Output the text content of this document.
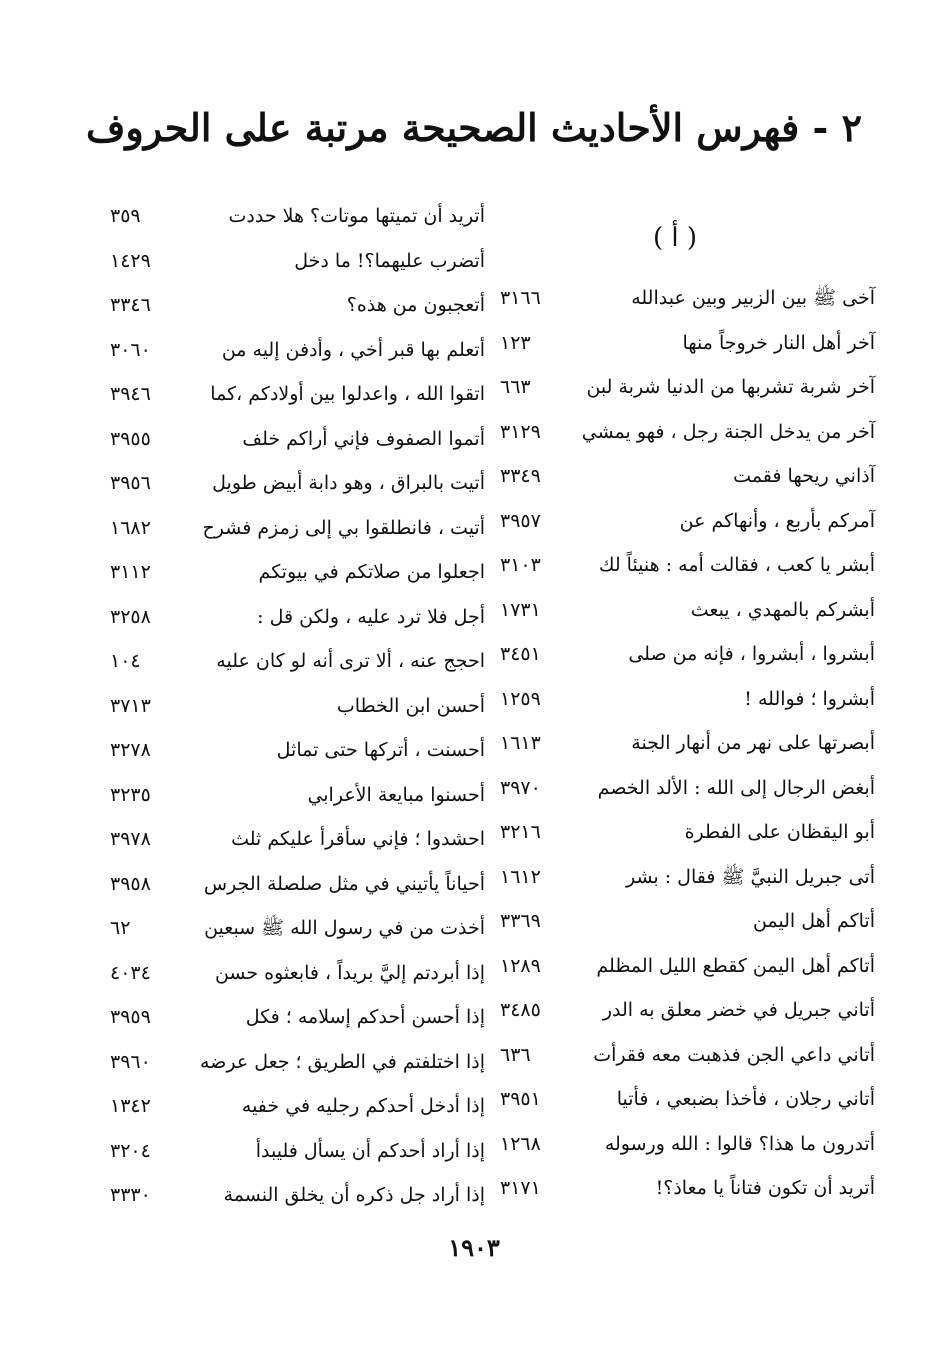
٢ - فهرس الأحاديث الصحيحة مرتبة على الحروف
( أ )
آخى ﷺ بين الزبير وبين عبدالله
٣١٦٦
آخر أهل النار خروجاً منها
١٢٣
آخر شربة تشربها من الدنيا شربة لبن
٦٦٣
آخر من يدخل الجنة رجل ، فهو يمشي
٣١٢٩
آذاني ريحها فقمت
٣٣٤٩
آمركم بأربع ، وأنهاكم عن
٣٩٥٧
أبشر يا كعب ، فقالت أمه : هنيئاً لك
٣١٠٣
أبشركم بالمهدي ، يبعث
١٧٣١
أبشروا ، أبشروا ، فإنه من صلى
٣٤٥١
أبشروا ؛ فوالله !
١٢٥٩
أبصرتها على نهر من أنهار الجنة
١٦١٣
أبغض الرجال إلى الله : الألد الخصم
٣٩٧٠
أبو اليقظان على الفطرة
٣٢١٦
أتى جبريل النبيَّ ﷺ فقال : بشر
١٦١٢
أتاكم أهل اليمن
٣٣٦٩
أتاكم أهل اليمن كقطع الليل المظلم
١٢٨٩
أتاني جبريل في خضر معلق به الدر
٣٤٨٥
أتاني داعي الجن فذهبت معه فقرأت
٦٣٦
أتاني رجلان ، فأخذا بضبعي ، فأتيا
٣٩٥١
أتدرون ما هذا؟ قالوا : الله ورسوله
١٢٦٨
أتريد أن تكون فتاناً يا معاذ؟!
٣١٧١
أتريد أن تميتها موتات؟ هلا حددت
٣٥٩
أتضرب عليهما؟! ما دخل
١٤٢٩
أتعجبون من هذه؟
٣٣٤٦
أتعلم بها قبر أخي ، وأدفن إليه من
٣٠٦٠
اتقوا الله ، واعدلوا بين أولادكم ،كما
٣٩٤٦
أتموا الصفوف فإني أراكم خلف
٣٩٥٥
أتيت بالبراق ، وهو دابة أبيض طويل
٣٩٥٦
أتيت ، فانطلقوا بي إلى زمزم فشرح
١٦٨٢
اجعلوا من صلاتكم في بيوتكم
٣١١٢
أجل فلا ترد عليه ، ولكن قل :
٣٢٥٨
احجج عنه ، ألا ترى أنه لو كان عليه
١٠٤
أحسن ابن الخطاب
٣٧١٣
أحسنت ، أتركها حتى تماثل
٣٢٧٨
أحسنوا مبايعة الأعرابي
٣٢٣٥
احشدوا ؛ فإني سأقرأ عليكم ثلث
٣٩٧٨
أحياناً يأتيني في مثل صلصلة الجرس
٣٩٥٨
أخذت من في رسول الله ﷺ سبعين
٦٢
إذا أبردتم إليَّ بريداً ، فابعثوه حسن
٤٠٣٤
إذا أحسن أحدكم إسلامه ؛ فكل
٣٩٥٩
إذا اختلفتم في الطريق ؛ جعل عرضه
٣٩٦٠
إذا أدخل أحدكم رجليه في خفيه
١٣٤٢
إذا أراد أحدكم أن يسأل فليبدأ
٣٢٠٤
إذا أراد جل ذكره أن يخلق النسمة
٣٣٣٠
١٩٠٣
